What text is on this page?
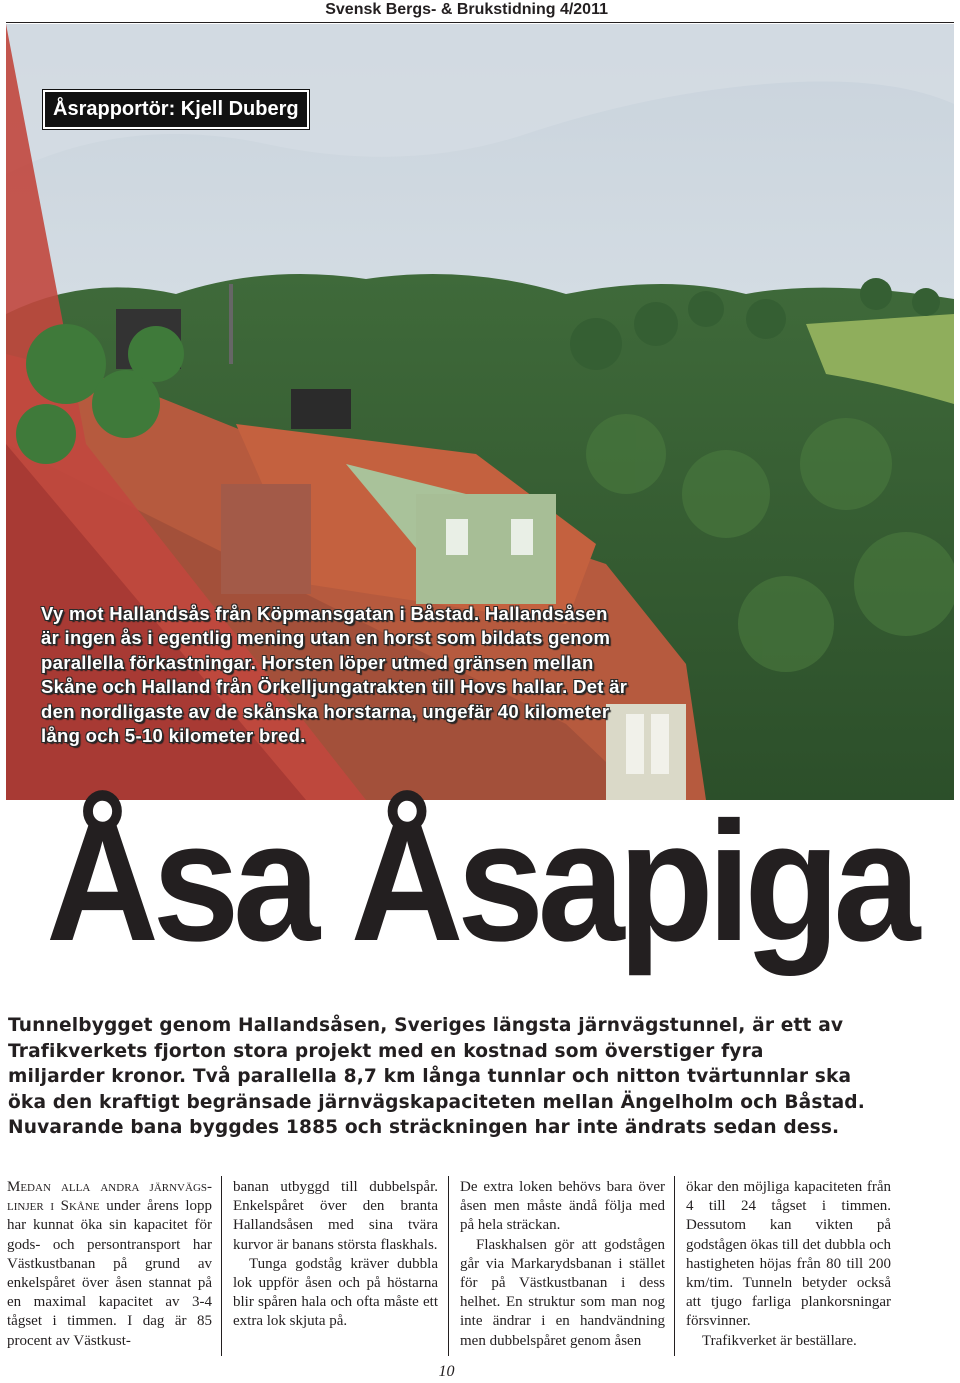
Svensk Bergs- & Brukstidning 4/2011
Åsrapportör: Kjell Duberg
Vy mot Hallandsås från Köpmansgatan i Båstad. Hallandsåsen
är ingen ås i egentlig mening utan en horst som bildats genom
parallella förkastningar. Horsten löper utmed gränsen mellan
Skåne och Halland från Örkelljungatrakten till Hovs hallar. Det är
den nordligaste av de skånska horstarna, ungefär 40 kilometer
lång och 5-10 kilometer bred.
Åsa Åsapiga
Tunnelbygget genom Hallandsåsen, Sveriges längsta järnvägstunnel, är ett av
Trafikverkets fjorton stora projekt med en kostnad som överstiger fyra
miljarder kronor. Två parallella 8,7 km långa tunnlar och nitton tvärtunnlar ska
öka den kraftigt begränsade järnvägskapaciteten mellan Ängelholm och Båstad.
Nuvarande bana byggdes 1885 och sträckningen har inte ändrats sedan dess.

Medan alla andra järnvägs-linjer i Skåne under årens lopp har kunnat öka sin kapacitet för gods- och persontransport har Västkustbanan på grund av enkelspåret över åsen stannat på en maximal kapacitet av 3-4 tågset i timmen. I dag är 85 procent av Västkust-

banan utbyggd till dubbelspår. Enkelspåret över den branta Hallandsåsen med sina tvära kurvor är banans största flaskhals.

Tunga godståg kräver dubbla lok uppför åsen och på höstarna blir spåren hala och ofta måste ett extra lok skjuta på.

De extra loken behövs bara över åsen men måste ändå följa med på hela sträckan.

Flaskhalsen gör att godstågen går via Markarydsbanan i stället för på Västkustbanan i dess helhet. En struktur som man nog inte ändrar i en handvändning men dubbelspåret genom åsen

ökar den möjliga kapaciteten från 4 till 24 tågset i timmen. Dessutom kan vikten på godstågen ökas till det dubbla och hastigheten höjas från 80 till 200 km/tim. Tunneln betyder också att tjugo farliga plankorsningar försvinner.

Trafikverket är beställare.

10
